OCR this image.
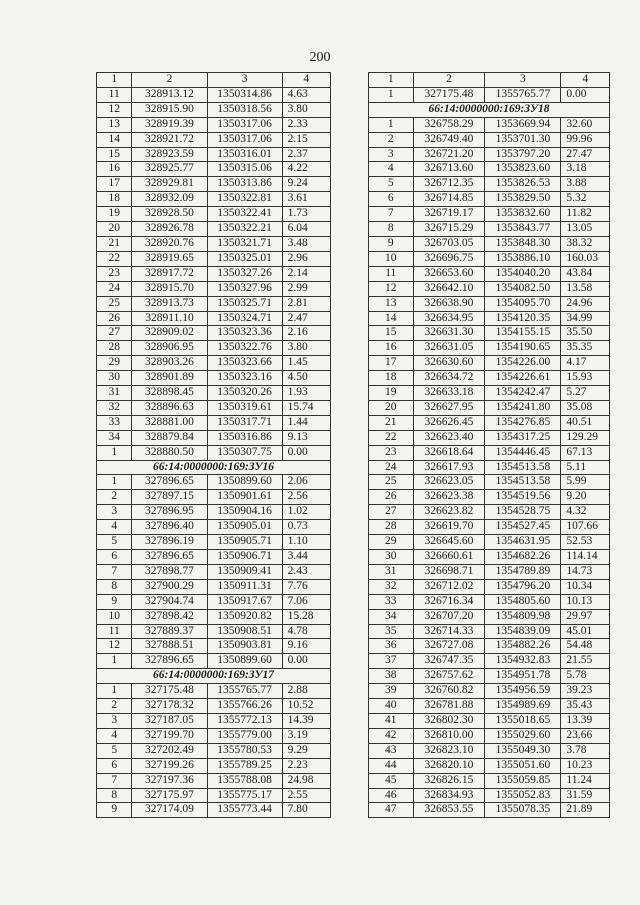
200
1	2	3	4
11	328913.12	1350314.86	4.63
12	328915.90	1350318.56	3.80
13	328919.39	1350317.06	2.33
14	328921.72	1350317.06	2.15
15	328923.59	1350316.01	2.37
16	328925.77	1350315.06	4.22
17	328929.81	1350313.86	9.24
18	328932.09	1350322.81	3.61
19	328928.50	1350322.41	1.73
20	328926.78	1350322.21	6.04
21	328920.76	1350321.71	3.48
22	328919.65	1350325.01	2.96
23	328917.72	1350327.26	2.14
24	328915.70	1350327.96	2.99
25	328913.73	1350325.71	2.81
26	328911.10	1350324.71	2.47
27	328909.02	1350323.36	2.16
28	328906.95	1350322.76	3.80
29	328903.26	1350323.66	1.45
30	328901.89	1350323.16	4.50
31	328898.45	1350320.26	1.93
32	328896.63	1350319.61	15.74
33	328881.00	1350317.71	1.44
34	328879.84	1350316.86	9.13
1	328880.50	1350307.75	0.00
66:14:0000000:169:ЗУ16			
1	327896.65	1350899.60	2.06
2	327897.15	1350901.61	2.56
3	327896.95	1350904.16	1.02
4	327896.40	1350905.01	0.73
5	327896.19	1350905.71	1.10
6	327896.65	1350906.71	3.44
7	327898.77	1350909.41	2.43
8	327900.29	1350911.31	7.76
9	327904.74	1350917.67	7.06
10	327898.42	1350920.82	15.28
11	327889.37	1350908.51	4.78
12	327888.51	1350903.81	9.16
1	327896.65	1350899.60	0.00
66:14:0000000:169:ЗУ17			
1	327175.48	1355765.77	2.88
2	327178.32	1355766.26	10.52
3	327187.05	1355772.13	14.39
4	327199.70	1355779.00	3.19
5	327202.49	1355780.53	9.29
6	327199.26	1355789.25	2.23
7	327197.36	1355788.08	24.98
8	327175.97	1355775.17	2.55
9	327174.09	1355773.44	7.80
1	2	3	4
1	327175.48	1355765.77	0.00
66:14:0000000:169:ЗУ18			
1	326758.29	1353669.94	32.60
2	326749.40	1353701.30	99.96
3	326721.20	1353797.20	27.47
4	326713.60	1353823.60	3.18
5	326712.35	1353826.53	3.88
6	326714.85	1353829.50	5.32
7	326719.17	1353832.60	11.82
8	326715.29	1353843.77	13.05
9	326703.05	1353848.30	38.32
10	326696.75	1353886.10	160.03
11	326653.60	1354040.20	43.84
12	326642.10	1354082.50	13.58
13	326638.90	1354095.70	24.96
14	326634.95	1354120.35	34.99
15	326631.30	1354155.15	35.50
16	326631.05	1354190.65	35.35
17	326630.60	1354226.00	4.17
18	326634.72	1354226.61	15.93
19	326633.18	1354242.47	5.27
20	326627.95	1354241.80	35.08
21	326626.45	1354276.85	40.51
22	326623.40	1354317.25	129.29
23	326618.64	1354446.45	67.13
24	326617.93	1354513.58	5.11
25	326623.05	1354513.58	5.99
26	326623.38	1354519.56	9.20
27	326623.82	1354528.75	4.32
28	326619.70	1354527.45	107.66
29	326645.60	1354631.95	52.53
30	326660.61	1354682.26	114.14
31	326698.71	1354789.89	14.73
32	326712.02	1354796.20	10.34
33	326716.34	1354805.60	10.13
34	326707.20	1354809.98	29.97
35	326714.33	1354839.09	45.01
36	326727.08	1354882.26	54.48
37	326747.35	1354932.83	21.55
38	326757.62	1354951.78	5.78
39	326760.82	1354956.59	39.23
40	326781.88	1354989.69	35.43
41	326802.30	1355018.65	13.39
42	326810.00	1355029.60	23.66
43	326823.10	1355049.30	3.78
44	326820.10	1355051.60	10.23
45	326826.15	1355059.85	11.24
46	326834.93	1355052.83	31.59
47	326853.55	1355078.35	21.89
